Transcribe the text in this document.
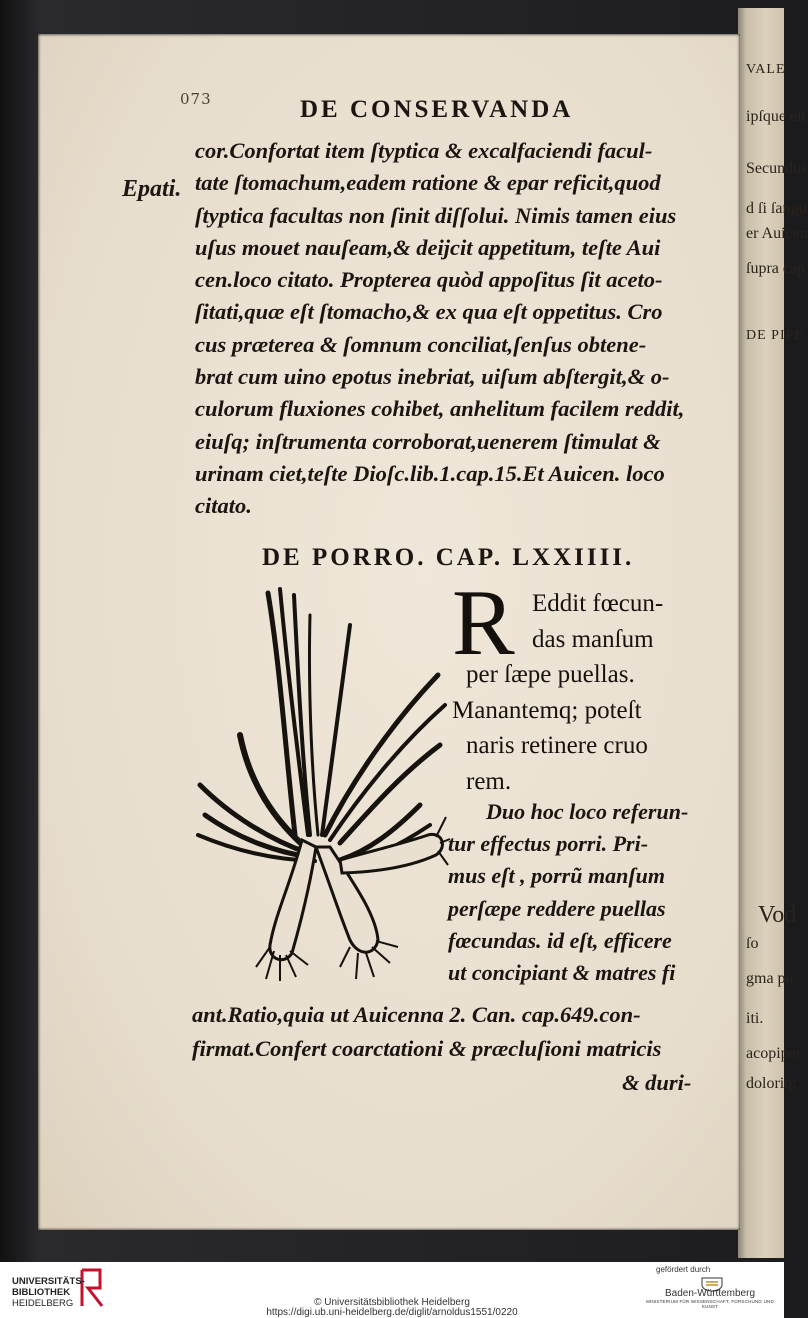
VALE
ipſque eſt
Secundus
d ſi ſangu
er Auicen
ſupra cap
DE PIPE
Vod
ſo
gma pu
iti.
acopiper
doloriq;
073	DE CONSERVANDA
Epati.
cor.Confortat item ſtyptica & excalfaciendi facul-
tate ſtomachum,eadem ratione & epar reficit,quod
ſtyptica facultas non ſinit diſſolui. Nimis tamen eius
uſus mouet nauſeam,& deijcit appetitum, teſte Aui
cen.loco citato. Propterea quòd appoſitus ſit aceto-
ſitati,quæ eſt ſtomacho,& ex qua eſt oppetitus. Cro
cus præterea & ſomnum conciliat,ſenſus obtene-
brat cum uino epotus inebriat, uiſum abſtergit,& o-
culorum fluxiones cohibet, anhelitum facilem reddit,
eiuſq; inſtrumenta corroborat,uenerem ſtimulat &
urinam ciet,teſte Dioſc.lib.1.cap.15.Et Auicen. loco
citato.
DE PORRO. CAP. LXXIIII.
R Eddit fœcun-
das manſum
per ſæpe puellas.
Manantemq; poteſt
naris retinere cruo
rem.
Duo hoc loco referun-
tur effectus porri. Pri-
mus eſt , porrũ manſum
perſæpe reddere puellas
fœcundas. id eſt, efficere
ut concipiant & matres fi
ant.Ratio,quia ut Auicenna 2. Can. cap.649.con-
firmat.Confert coarctationi & præcluſioni matricis
& duri-
UNIVERSITÄTS-
BIBLIOTHEK
HEIDELBERG	© Universitätsbibliothek Heidelberg
https://digi.ub.uni-heidelberg.de/diglit/arnoldus1551/0220
gefördert durch
Baden-Württemberg
MINISTERIUM FÜR WISSENSCHAFT, FORSCHUNG UND KUNST
